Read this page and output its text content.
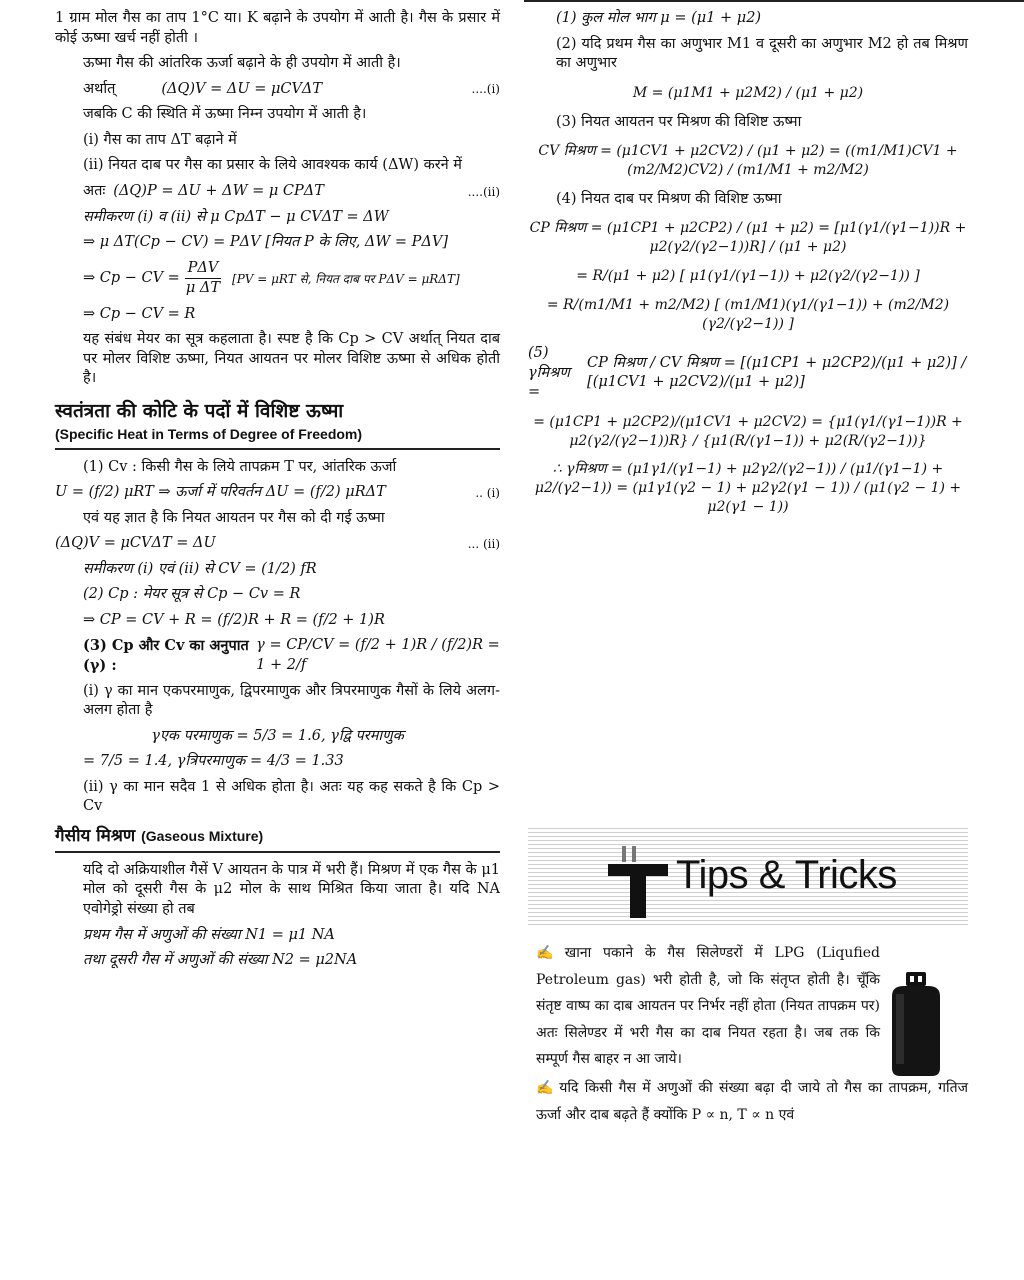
1 ग्राम मोल गैस का ताप 1°C या। K बढ़ाने के उपयोग में आती है। गैस के प्रसार में कोई ऊष्मा खर्च नहीं होती ।

ऊष्मा गैस की आंतरिक ऊर्जा बढ़ाने के ही उपयोग में आती है।

अर्थात्	(ΔQ)V = ΔU = μCVΔT	....(i)

जबकि C की स्थिति में ऊष्मा निम्न उपयोग में आती है।

(i) गैस का ताप ΔT बढ़ाने में

(ii) नियत दाब पर गैस का प्रसार के लिये आवश्यक कार्य (ΔW) करने में

अतः (ΔQ)P = ΔU + ΔW = μ CPΔT	....(ii)

समीकरण (i) व (ii) से μ CpΔT − μ CVΔT = ΔW

⇒ μ ΔT(Cp − CV) = PΔV [नियत P के लिए, ΔW = PΔV]

⇒ Cp − CV = $\frac{\text{PΔV}}{\text{μ ΔT}} [PV = \mu RT$ से, नियत दाब पर PΔV = μRΔT]

⇒ Cp − CV = R

यह संबंध मेयर का सूत्र कहलाता है। स्पष्ट है कि Cp > CV अर्थात् नियत दाब पर मोलर विशिष्ट ऊष्मा, नियत आयतन पर मोलर विशिष्ट ऊष्मा से अधिक होती है।

स्वतंत्रता की कोटि के पदों में विशिष्ट ऊष्मा
(Specific Heat in Terms of Degree of Freedom)

(1) Cv : किसी गैस के लिये तापक्रम T पर, आंतरिक ऊर्जा

U = (f/2) μRT ⇒ ऊर्जा में परिवर्तन ΔU = (f/2) μRΔT	.. (i)

एवं यह ज्ञात है कि नियत आयतन पर गैस को दी गई ऊष्मा

(ΔQ)V = μCVΔT = ΔU	... (ii)

समीकरण (i) एवं (ii) से CV = (1/2) fR

(2) Cp : मेयर सूत्र से Cp − Cv = R

⇒ CP = CV + R = (f/2)R + R = (f/2 + 1)R

(3) Cp और Cv का अनुपात (γ) :
γ = CP/CV = (f/2 + 1)R / (f/2)R = 1 + 2/f

(i) γ का मान एकपरमाणुक, द्विपरमाणुक और त्रिपरमाणुक गैसों के लिये अलग-अलग होता है

γएक परमाणुक = 5/3 = 1.6, γद्वि परमाणुक

= 7/5 = 1.4, γत्रिपरमाणुक = 4/3 = 1.33

(ii) γ का मान सदैव 1 से अधिक होता है। अतः यह कह सकते है कि Cp > Cv

गैसीय मिश्रण (Gaseous Mixture)

यदि दो अक्रियाशील गैसें V आयतन के पात्र में भरी हैं। मिश्रण में एक गैस के μ1 मोल को दूसरी गैस के μ2 मोल के साथ मिश्रित किया जाता है। यदि NA एवोगेड्रो संख्या हो तब

प्रथम गैस में अणुओं की संख्या N1 = μ1 NA

तथा दूसरी गैस में अणुओं की संख्या N2 = μ2NA

(1) कुल मोल भाग μ = (μ1 + μ2)

(2) यदि प्रथम गैस का अणुभार M1 व दूसरी का अणुभार M2 हो तब मिश्रण का अणुभार

M = (μ1M1 + μ2M2) / (μ1 + μ2)

(3) नियत आयतन पर मिश्रण की विशिष्ट ऊष्मा

CV मिश्रण = (μ1CV1 + μ2CV2) / (μ1 + μ2) = ((m1/M1)CV1 + (m2/M2)CV2) / (m1/M1 + m2/M2)

(4) नियत दाब पर मिश्रण की विशिष्ट ऊष्मा

CP मिश्रण = (μ1CP1 + μ2CP2) / (μ1 + μ2) = [μ1(γ1/(γ1−1))R + μ2(γ2/(γ2−1))R] / (μ1 + μ2)

= R/(μ1 + μ2) [ μ1(γ1/(γ1−1)) + μ2(γ2/(γ2−1)) ]

= R/(m1/M1 + m2/M2) [ (m1/M1)(γ1/(γ1−1)) + (m2/M2)(γ2/(γ2−1)) ]

(5) γमिश्रण =
CP मिश्रण / CV मिश्रण = [(μ1CP1 + μ2CP2)/(μ1 + μ2)] / [(μ1CV1 + μ2CV2)/(μ1 + μ2)]

= (μ1CP1 + μ2CP2)/(μ1CV1 + μ2CV2) = {μ1(γ1/(γ1−1))R + μ2(γ2/(γ2−1))R} / {μ1(R/(γ1−1)) + μ2(R/(γ2−1))}

∴ γमिश्रण = (μ1γ1/(γ1−1) + μ2γ2/(γ2−1)) / (μ1/(γ1−1) + μ2/(γ2−1)) = (μ1γ1(γ2 − 1) + μ2γ2(γ1 − 1)) / (μ1(γ2 − 1) + μ2(γ1 − 1))

Tips & Tricks

✍ खाना पकाने के गैस सिलेण्डरों में LPG (Liqufied Petroleum gas) भरी होती है, जो कि संतृप्त होती है। चूँकि संतृष्ट वाष्प का दाब आयतन पर निर्भर नहीं होता (नियत तापक्रम पर) अतः सिलेण्डर में भरी गैस का दाब नियत रहता है। जब तक कि सम्पूर्ण गैस बाहर न आ जाये।

✍ यदि किसी गैस में अणुओं की संख्या बढ़ा दी जाये तो गैस का तापक्रम, गतिज ऊर्जा और दाब बढ़ते हैं क्योंकि P ∝ n, T ∝ n एवं
